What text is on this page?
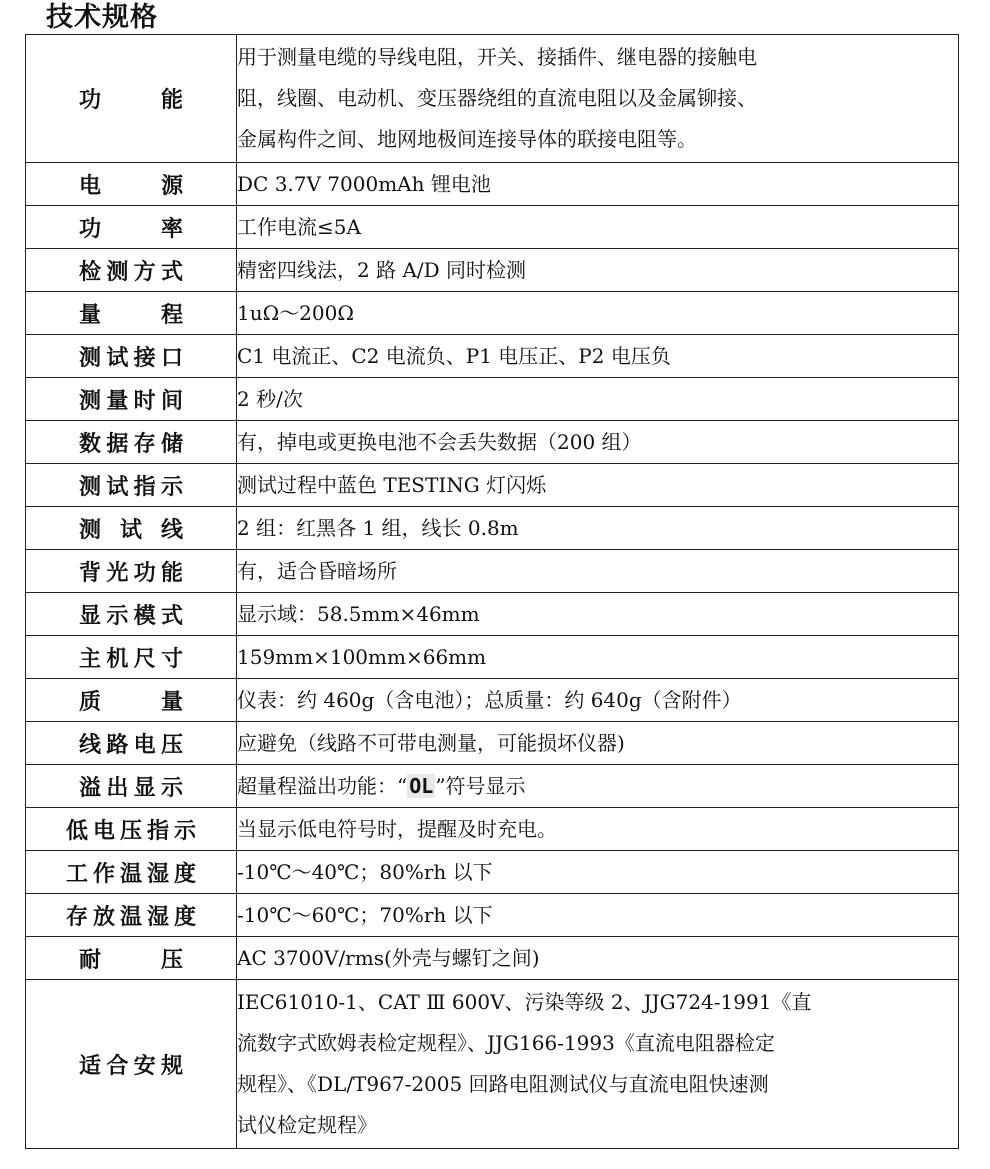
技术规格
功能	用于测量电缆的导线电阻，开关、接插件、继电器的接触电
阻，线圈、电动机、变压器绕组的直流电阻以及金属铆接、
金属构件之间、地网地极间连接导体的联接电阻等。

电源	DC 3.7V 7000mAh 锂电池
功率	工作电流≤5A
检测方式	精密四线法，2 路 A/D 同时检测
量程	1uΩ～200Ω
测试接口	C1 电流正、C2 电流负、P1 电压正、P2 电压负
测量时间	2 秒/次
数据存储	有，掉电或更换电池不会丢失数据（200 组）
测试指示	测试过程中蓝色 TESTING 灯闪烁
测试线	2 组：红黑各 1 组，线长 0.8m
背光功能	有，适合昏暗场所
显示模式	显示域：58.5mm×46mm
主机尺寸	159mm×100mm×66mm
质量	仪表：约 460g（含电池）；总质量：约 640g（含附件）
线路电压	应避免（线路不可带电测量，可能损坏仪器)
溢出显示	超量程溢出功能：“ OL ”符号显示
低电压指示	当显示低电符号时，提醒及时充电。
工作温湿度	-10℃～40℃；80%rh 以下
存放温湿度	-10℃～60℃；70%rh 以下
耐压	AC 3700V/rms(外壳与螺钉之间)
适合安规	IEC61010-1、CAT Ⅲ 600V、污染等级 2、JJG724-1991《直
流数字式欧姆表检定规程》、JJG166-1993《直流电阻器检定
规程》、《DL/T967-2005 回路电阻测试仪与直流电阻快速测
试仪检定规程》
